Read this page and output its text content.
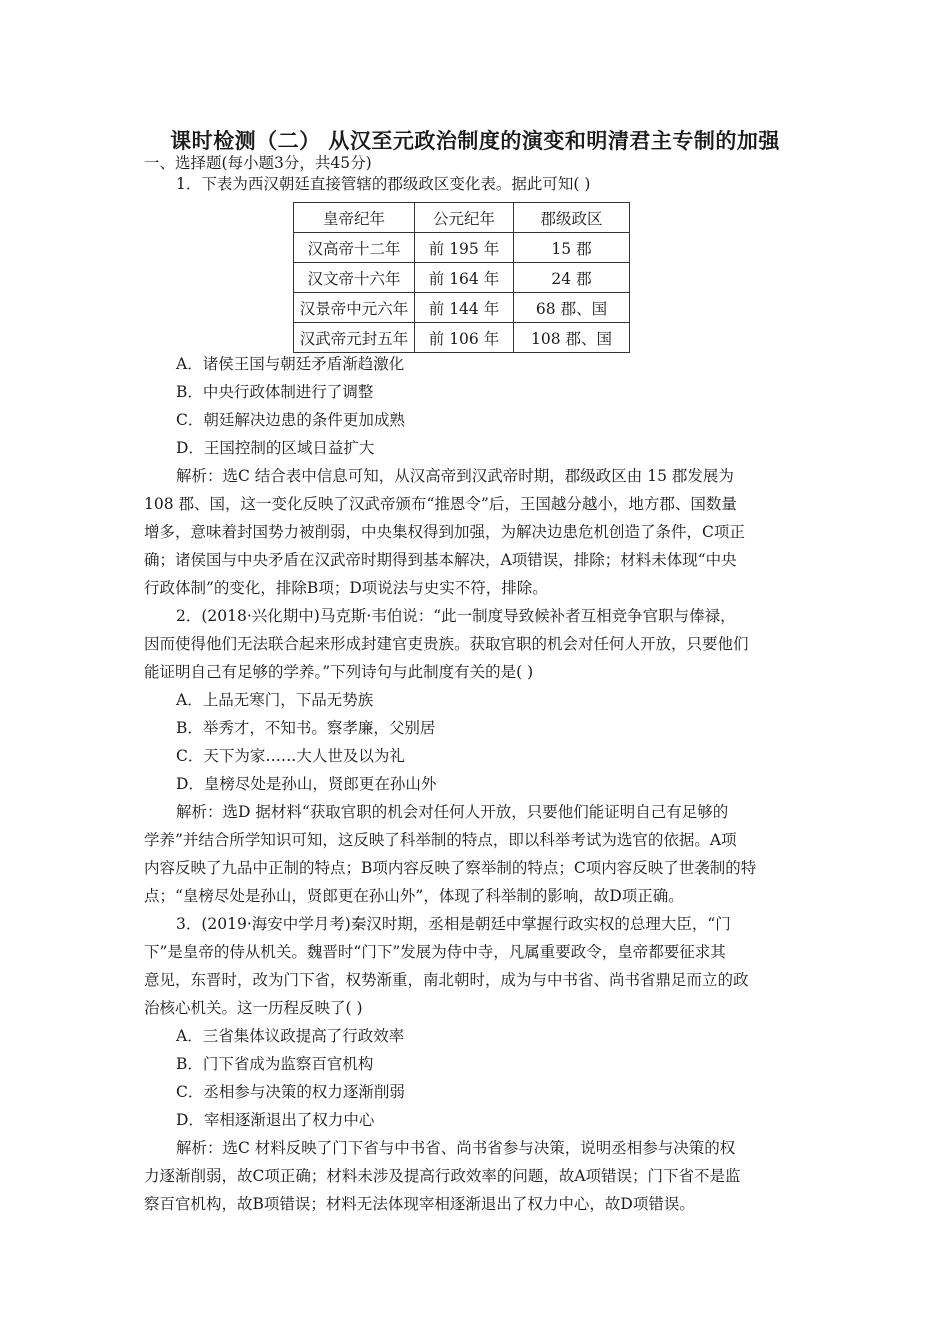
课时检测（二） 从汉至元政治制度的演变和明清君主专制的加强
一、选择题(每小题3分，共45分)
1．下表为西汉朝廷直接管辖的郡级政区变化表。据此可知( )
皇帝纪年	公元纪年	郡级政区
汉高帝十二年	前 195 年	15 郡
汉文帝十六年	前 164 年	24 郡
汉景帝中元六年	前 144 年	68 郡、国
汉武帝元封五年	前 106 年	108 郡、国
A．诸侯王国与朝廷矛盾渐趋激化
B．中央行政体制进行了调整
C．朝廷解决边患的条件更加成熟
D．王国控制的区域日益扩大
解析：选C 结合表中信息可知，从汉高帝到汉武帝时期，郡级政区由 15 郡发展为
108 郡、国，这一变化反映了汉武帝颁布“推恩令”后，王国越分越小，地方郡、国数量
增多，意味着封国势力被削弱，中央集权得到加强，为解决边患危机创造了条件，C项正
确；诸侯国与中央矛盾在汉武帝时期得到基本解决，A项错误，排除；材料未体现“中央
行政体制”的变化，排除B项；D项说法与史实不符，排除。
2．(2018·兴化期中)马克斯·韦伯说：“此一制度导致候补者互相竞争官职与俸禄，
因而使得他们无法联合起来形成封建官吏贵族。获取官职的机会对任何人开放，只要他们
能证明自己有足够的学养。”下列诗句与此制度有关的是( )
A．上品无寒门，下品无势族
B．举秀才，不知书。察孝廉，父别居
C．天下为家……大人世及以为礼
D．皇榜尽处是孙山，贤郎更在孙山外
解析：选D 据材料“获取官职的机会对任何人开放，只要他们能证明自己有足够的
学养”并结合所学知识可知，这反映了科举制的特点，即以科举考试为选官的依据。A项
内容反映了九品中正制的特点；B项内容反映了察举制的特点；C项内容反映了世袭制的特
点；“皇榜尽处是孙山，贤郎更在孙山外”，体现了科举制的影响，故D项正确。
3．(2019·海安中学月考)秦汉时期，丞相是朝廷中掌握行政实权的总理大臣，“门
下”是皇帝的侍从机关。魏晋时“门下”发展为侍中寺，凡属重要政令，皇帝都要征求其
意见，东晋时，改为门下省，权势渐重，南北朝时，成为与中书省、尚书省鼎足而立的政
治核心机关。这一历程反映了( )
A．三省集体议政提高了行政效率
B．门下省成为监察百官机构
C．丞相参与决策的权力逐渐削弱
D．宰相逐渐退出了权力中心
解析：选C 材料反映了门下省与中书省、尚书省参与决策，说明丞相参与决策的权
力逐渐削弱，故C项正确；材料未涉及提高行政效率的问题，故A项错误；门下省不是监
察百官机构，故B项错误；材料无法体现宰相逐渐退出了权力中心，故D项错误。
